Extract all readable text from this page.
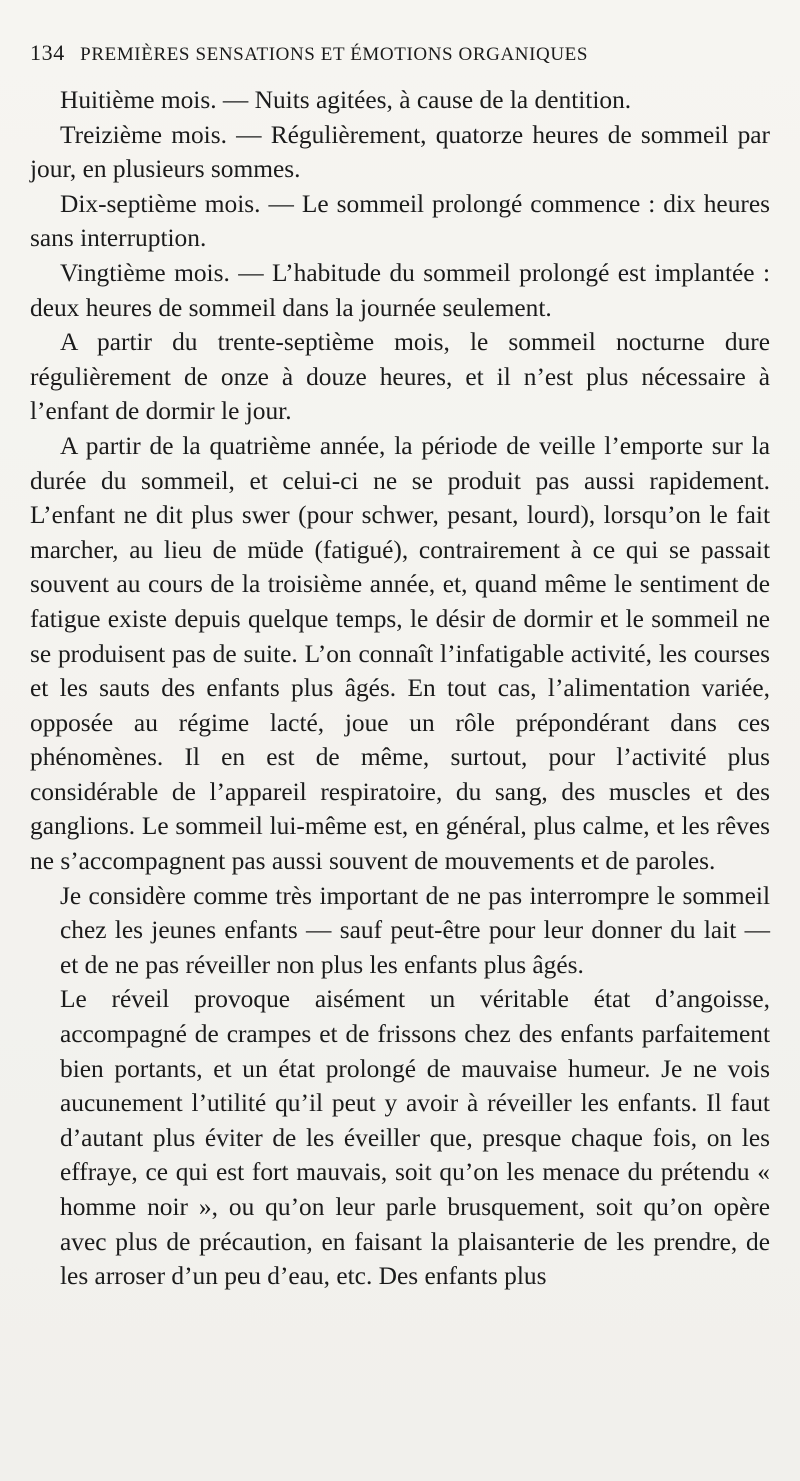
134 PREMIÈRES SENSATIONS ET ÉMOTIONS ORGANIQUES

Huitième mois. — Nuits agitées, à cause de la dentition.

Treizième mois. — Régulièrement, quatorze heures de sommeil par jour, en plusieurs sommes.

Dix-septième mois. — Le sommeil prolongé commence : dix heures sans interruption.

Vingtième mois. — L’habitude du sommeil prolongé est implantée : deux heures de sommeil dans la journée seulement.

A partir du trente-septième mois, le sommeil nocturne dure régulièrement de onze à douze heures, et il n’est plus nécessaire à l’enfant de dormir le jour.

A partir de la quatrième année, la période de veille l’emporte sur la durée du sommeil, et celui-ci ne se produit pas aussi rapidement. L’enfant ne dit plus swer (pour schwer, pesant, lourd), lorsqu’on le fait marcher, au lieu de müde (fatigué), contrairement à ce qui se passait souvent au cours de la troisième année, et, quand même le sentiment de fatigue existe depuis quelque temps, le désir de dormir et le sommeil ne se produisent pas de suite. L’on connaît l’infatigable activité, les courses et les sauts des enfants plus âgés. En tout cas, l’alimentation variée, opposée au régime lacté, joue un rôle prépondérant dans ces phénomènes. Il en est de même, surtout, pour l’activité plus considérable de l’appareil respiratoire, du sang, des muscles et des ganglions. Le sommeil lui-même est, en général, plus calme, et les rêves ne s’accompagnent pas aussi souvent de mouvements et de paroles.

Je considère comme très important de ne pas interrompre le sommeil chez les jeunes enfants — sauf peut-être pour leur donner du lait — et de ne pas réveiller non plus les enfants plus âgés.

Le réveil provoque aisément un véritable état d’angoisse, accompagné de crampes et de frissons chez des enfants parfaitement bien portants, et un état prolongé de mauvaise humeur. Je ne vois aucunement l’utilité qu’il peut y avoir à réveiller les enfants. Il faut d’autant plus éviter de les éveiller que, presque chaque fois, on les effraye, ce qui est fort mauvais, soit qu’on les menace du prétendu « homme noir », ou qu’on leur parle brusquement, soit qu’on opère avec plus de précaution, en faisant la plaisanterie de les prendre, de les arroser d’un peu d’eau, etc. Des enfants plus
